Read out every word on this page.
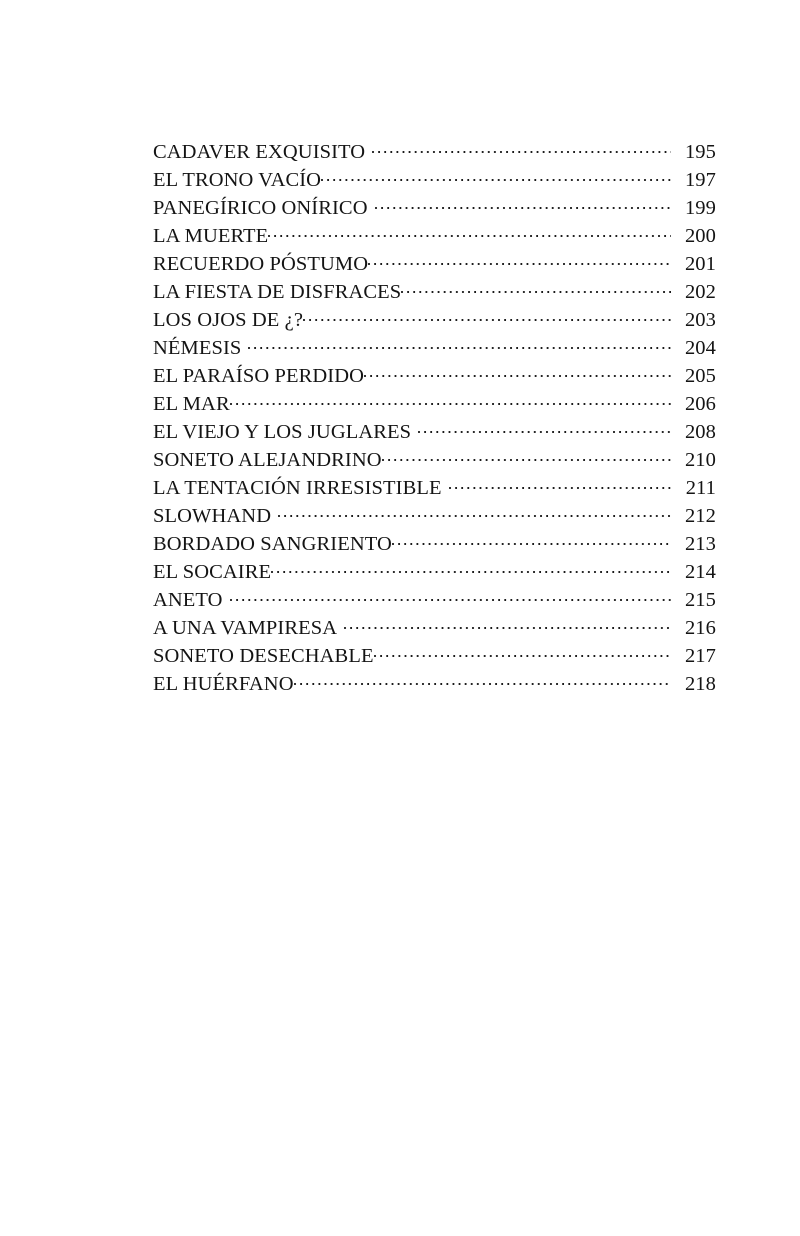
CADAVER EXQUISITO	195
EL TRONO VACÍO	197
PANEGÍRICO ONÍRICO	199
LA MUERTE	200
RECUERDO PÓSTUMO	201
LA FIESTA DE DISFRACES	202
LOS OJOS DE ¿?	203
NÉMESIS	204
EL PARAÍSO PERDIDO	205
EL MAR	206
EL VIEJO Y LOS JUGLARES	208
SONETO ALEJANDRINO	210
LA TENTACIÓN IRRESISTIBLE	211
SLOWHAND	212
BORDADO SANGRIENTO	213
EL SOCAIRE	214
ANETO	215
A UNA VAMPIRESA	216
SONETO DESECHABLE	217
EL HUÉRFANO	218
